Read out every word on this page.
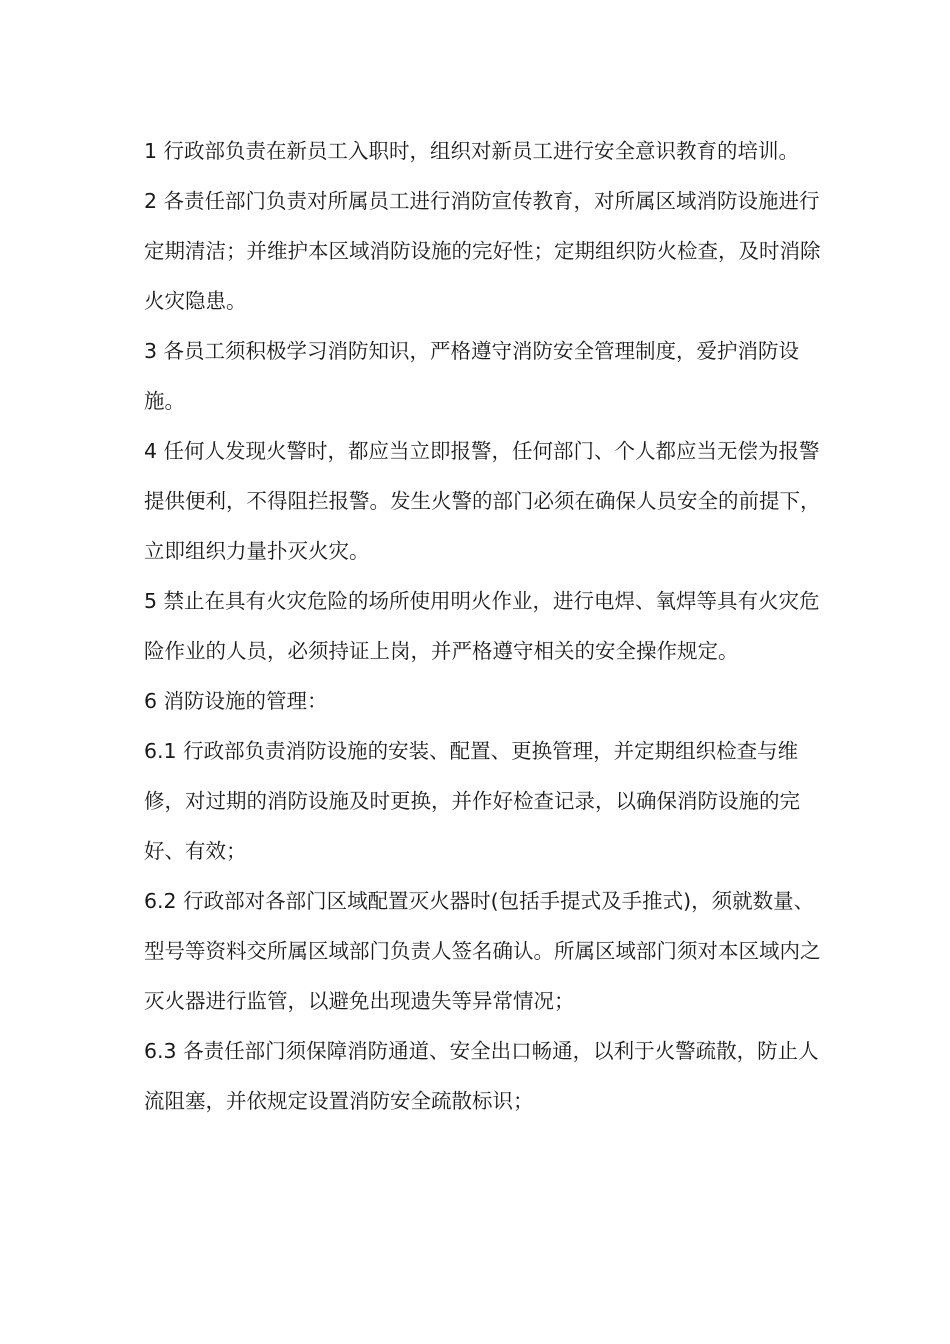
1 行政部负责在新员工入职时，组织对新员工进行安全意识教育的培训。

2 各责任部门负责对所属员工进行消防宣传教育，对所属区域消防设施进行定期清洁；并维护本区域消防设施的完好性；定期组织防火检查，及时消除火灾隐患。

3 各员工须积极学习消防知识，严格遵守消防安全管理制度，爱护消防设施。

4 任何人发现火警时，都应当立即报警，任何部门、个人都应当无偿为报警提供便利，不得阻拦报警。发生火警的部门必须在确保人员安全的前提下，立即组织力量扑灭火灾。

5 禁止在具有火灾危险的场所使用明火作业，进行电焊、氧焊等具有火灾危险作业的人员，必须持证上岗，并严格遵守相关的安全操作规定。

6 消防设施的管理：

6.1 行政部负责消防设施的安装、配置、更换管理，并定期组织检查与维修，对过期的消防设施及时更换，并作好检查记录，以确保消防设施的完好、有效；

6.2 行政部对各部门区域配置灭火器时(包括手提式及手推式)，须就数量、型号等资料交所属区域部门负责人签名确认。所属区域部门须对本区域内之灭火器进行监管，以避免出现遗失等异常情况；

6.3 各责任部门须保障消防通道、安全出口畅通，以利于火警疏散，防止人流阻塞，并依规定设置消防安全疏散标识；
